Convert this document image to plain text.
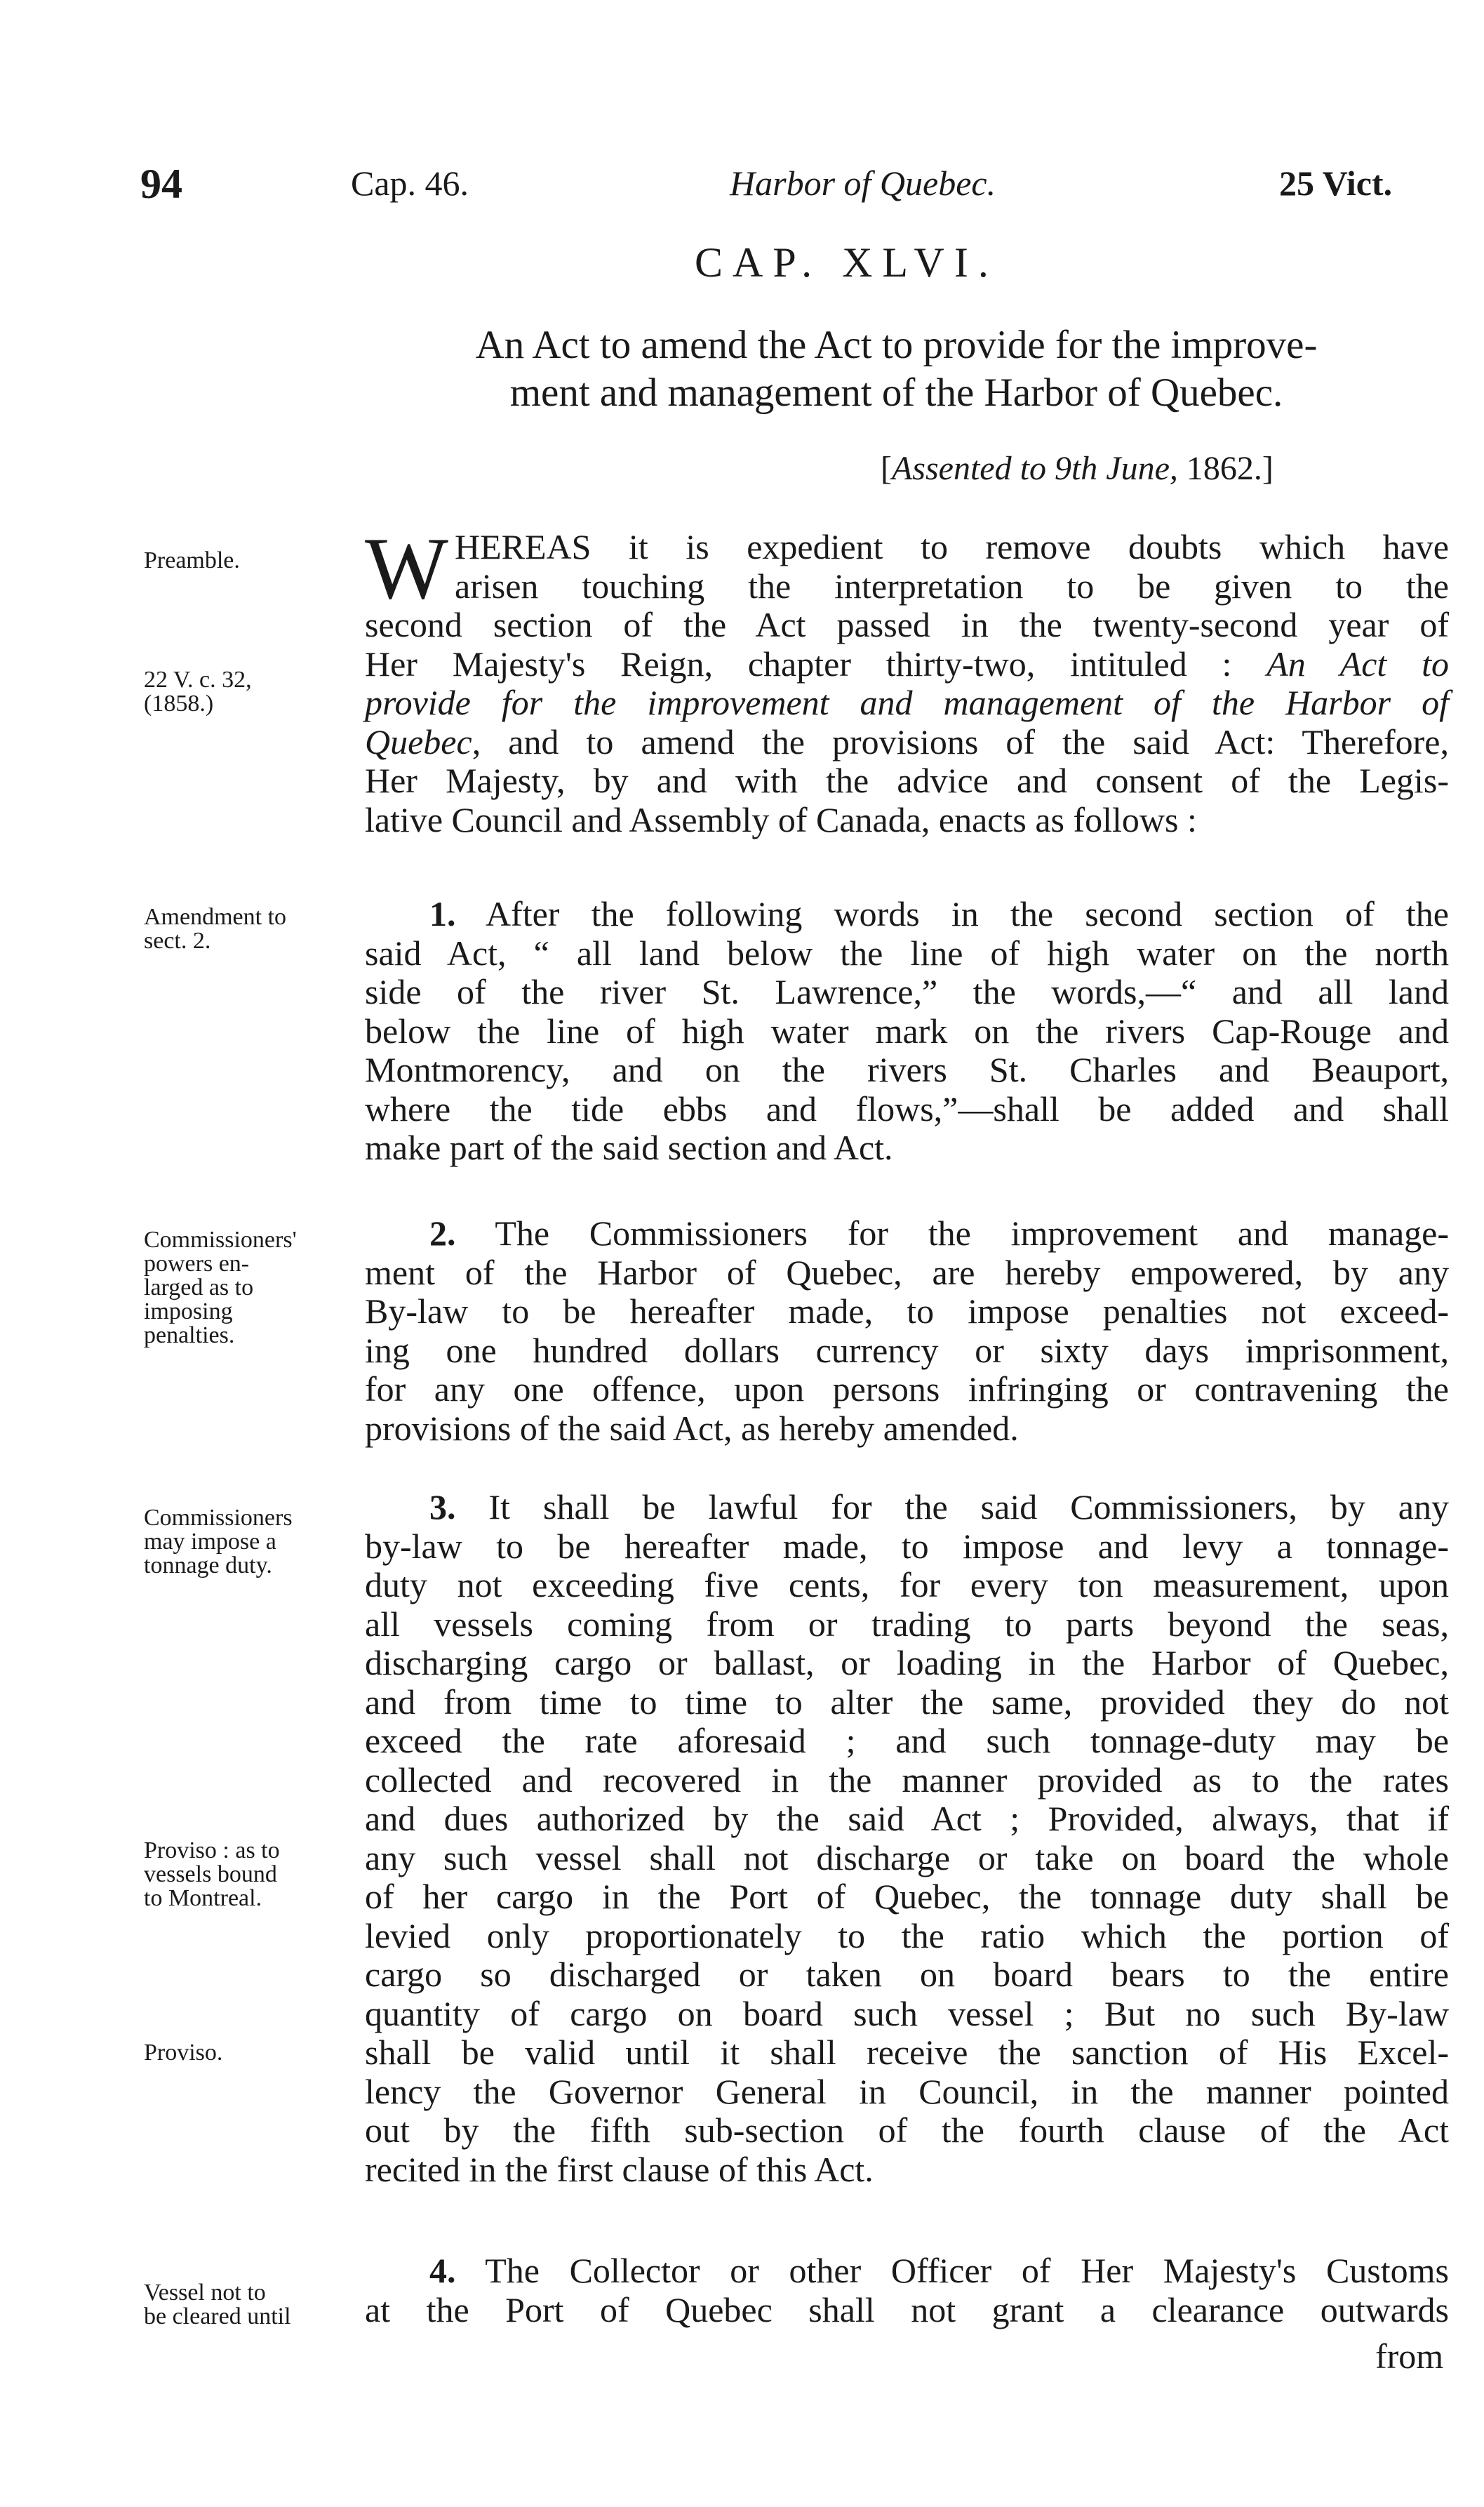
94	Cap. 46.	Harbor of Quebec.	25 Vict.
CAP. XLVI.
An Act to amend the Act to provide for the improve-
ment and management of the Harbor of Quebec.
[Assented to 9th June, 1862.]
Preamble.
22 V. c. 32,
(1858.)
Amendment to
sect. 2.
Commissioners'
powers en-
larged as to
imposing
penalties.
Commissioners
may impose a
tonnage duty.
Proviso : as to
vessels bound
to Montreal.
Proviso.
Vessel not to
be cleared until
W HEREAS it is expedient to remove doubts which have
arisen touching the interpretation to be given to the
second section of the Act passed in the twenty-second year of
Her Majesty's Reign, chapter thirty-two, intituled : An Act to
provide for the improvement and management of the Harbor of
Quebec, and to amend the provisions of the said Act: Therefore,
Her Majesty, by and with the advice and consent of the Legis-
lative Council and Assembly of Canada, enacts as follows :
1. After the following words in the second section of the
said Act, “ all land below the line of high water on the north
side of the river St. Lawrence,” the words,—“ and all land
below the line of high water mark on the rivers Cap-Rouge and
Montmorency, and on the rivers St. Charles and Beauport,
where the tide ebbs and flows,”—shall be added and shall
make part of the said section and Act.
2. The Commissioners for the improvement and manage-
ment of the Harbor of Quebec, are hereby empowered, by any
By-law to be hereafter made, to impose penalties not exceed-
ing one hundred dollars currency or sixty days imprisonment,
for any one offence, upon persons infringing or contravening the
provisions of the said Act, as hereby amended.
3. It shall be lawful for the said Commissioners, by any
by-law to be hereafter made, to impose and levy a tonnage-
duty not exceeding five cents, for every ton measurement, upon
all vessels coming from or trading to parts beyond the seas,
discharging cargo or ballast, or loading in the Harbor of Quebec,
and from time to time to alter the same, provided they do not
exceed the rate aforesaid ; and such tonnage-duty may be
collected and recovered in the manner provided as to the rates
and dues authorized by the said Act ; Provided, always, that if
any such vessel shall not discharge or take on board the whole
of her cargo in the Port of Quebec, the tonnage duty shall be
levied only proportionately to the ratio which the portion of
cargo so discharged or taken on board bears to the entire
quantity of cargo on board such vessel ; But no such By-law
shall be valid until it shall receive the sanction of His Excel-
lency the Governor General in Council, in the manner pointed
out by the fifth sub-section of the fourth clause of the Act
recited in the first clause of this Act.
4. The Collector or other Officer of Her Majesty's Customs
at the Port of Quebec shall not grant a clearance outwards
from
